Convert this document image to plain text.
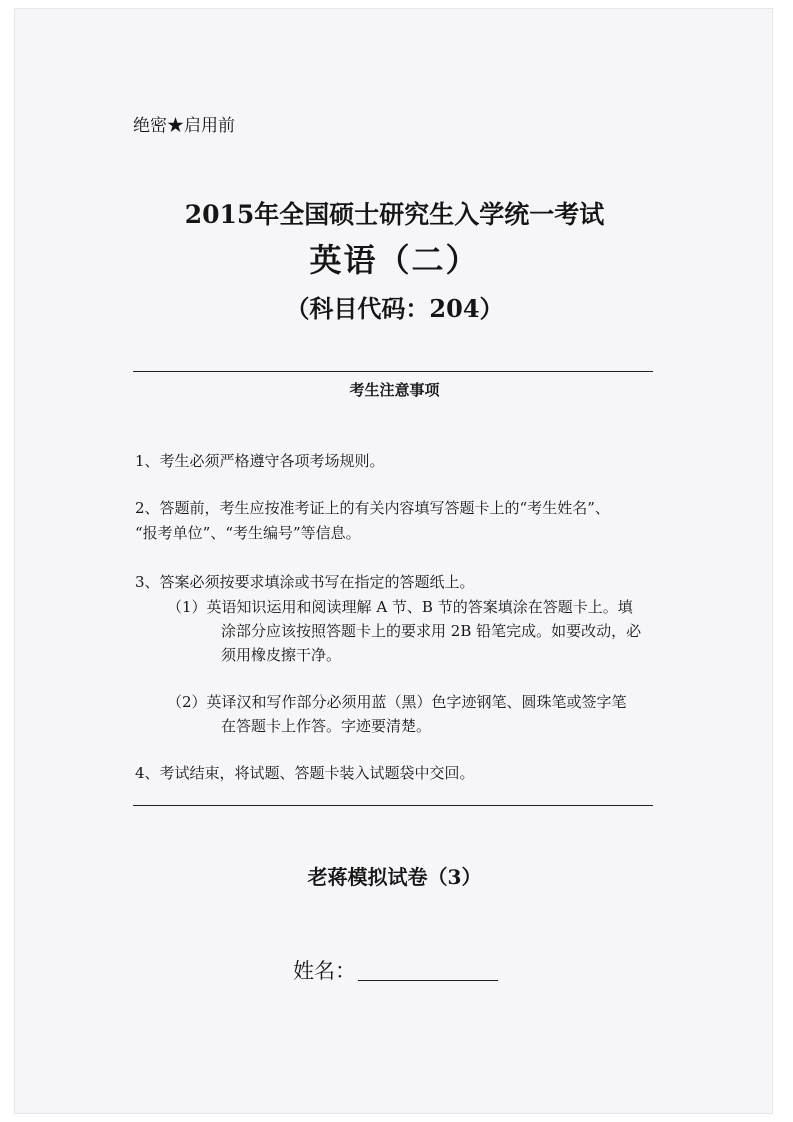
绝密★启用前
2015年全国硕士研究生入学统一考试
英语（二）
（科目代码：204）
考生注意事项
1、考生必须严格遵守各项考场规则。
2、答题前，考生应按准考证上的有关内容填写答题卡上的“考生姓名”、
“报考单位”、“考生编号”等信息。
3、答案必须按要求填涂或书写在指定的答题纸上。
（1）英语知识运用和阅读理解 A 节、B 节的答案填涂在答题卡上。填
涂部分应该按照答题卡上的要求用 2B 铅笔完成。如要改动，必
须用橡皮擦干净。
（2）英译汉和写作部分必须用蓝（黑）色字迹钢笔、圆珠笔或签字笔
在答题卡上作答。字迹要清楚。
4、考试结束，将试题、答题卡装入试题袋中交回。
老蒋模拟试卷（3）
姓名：
